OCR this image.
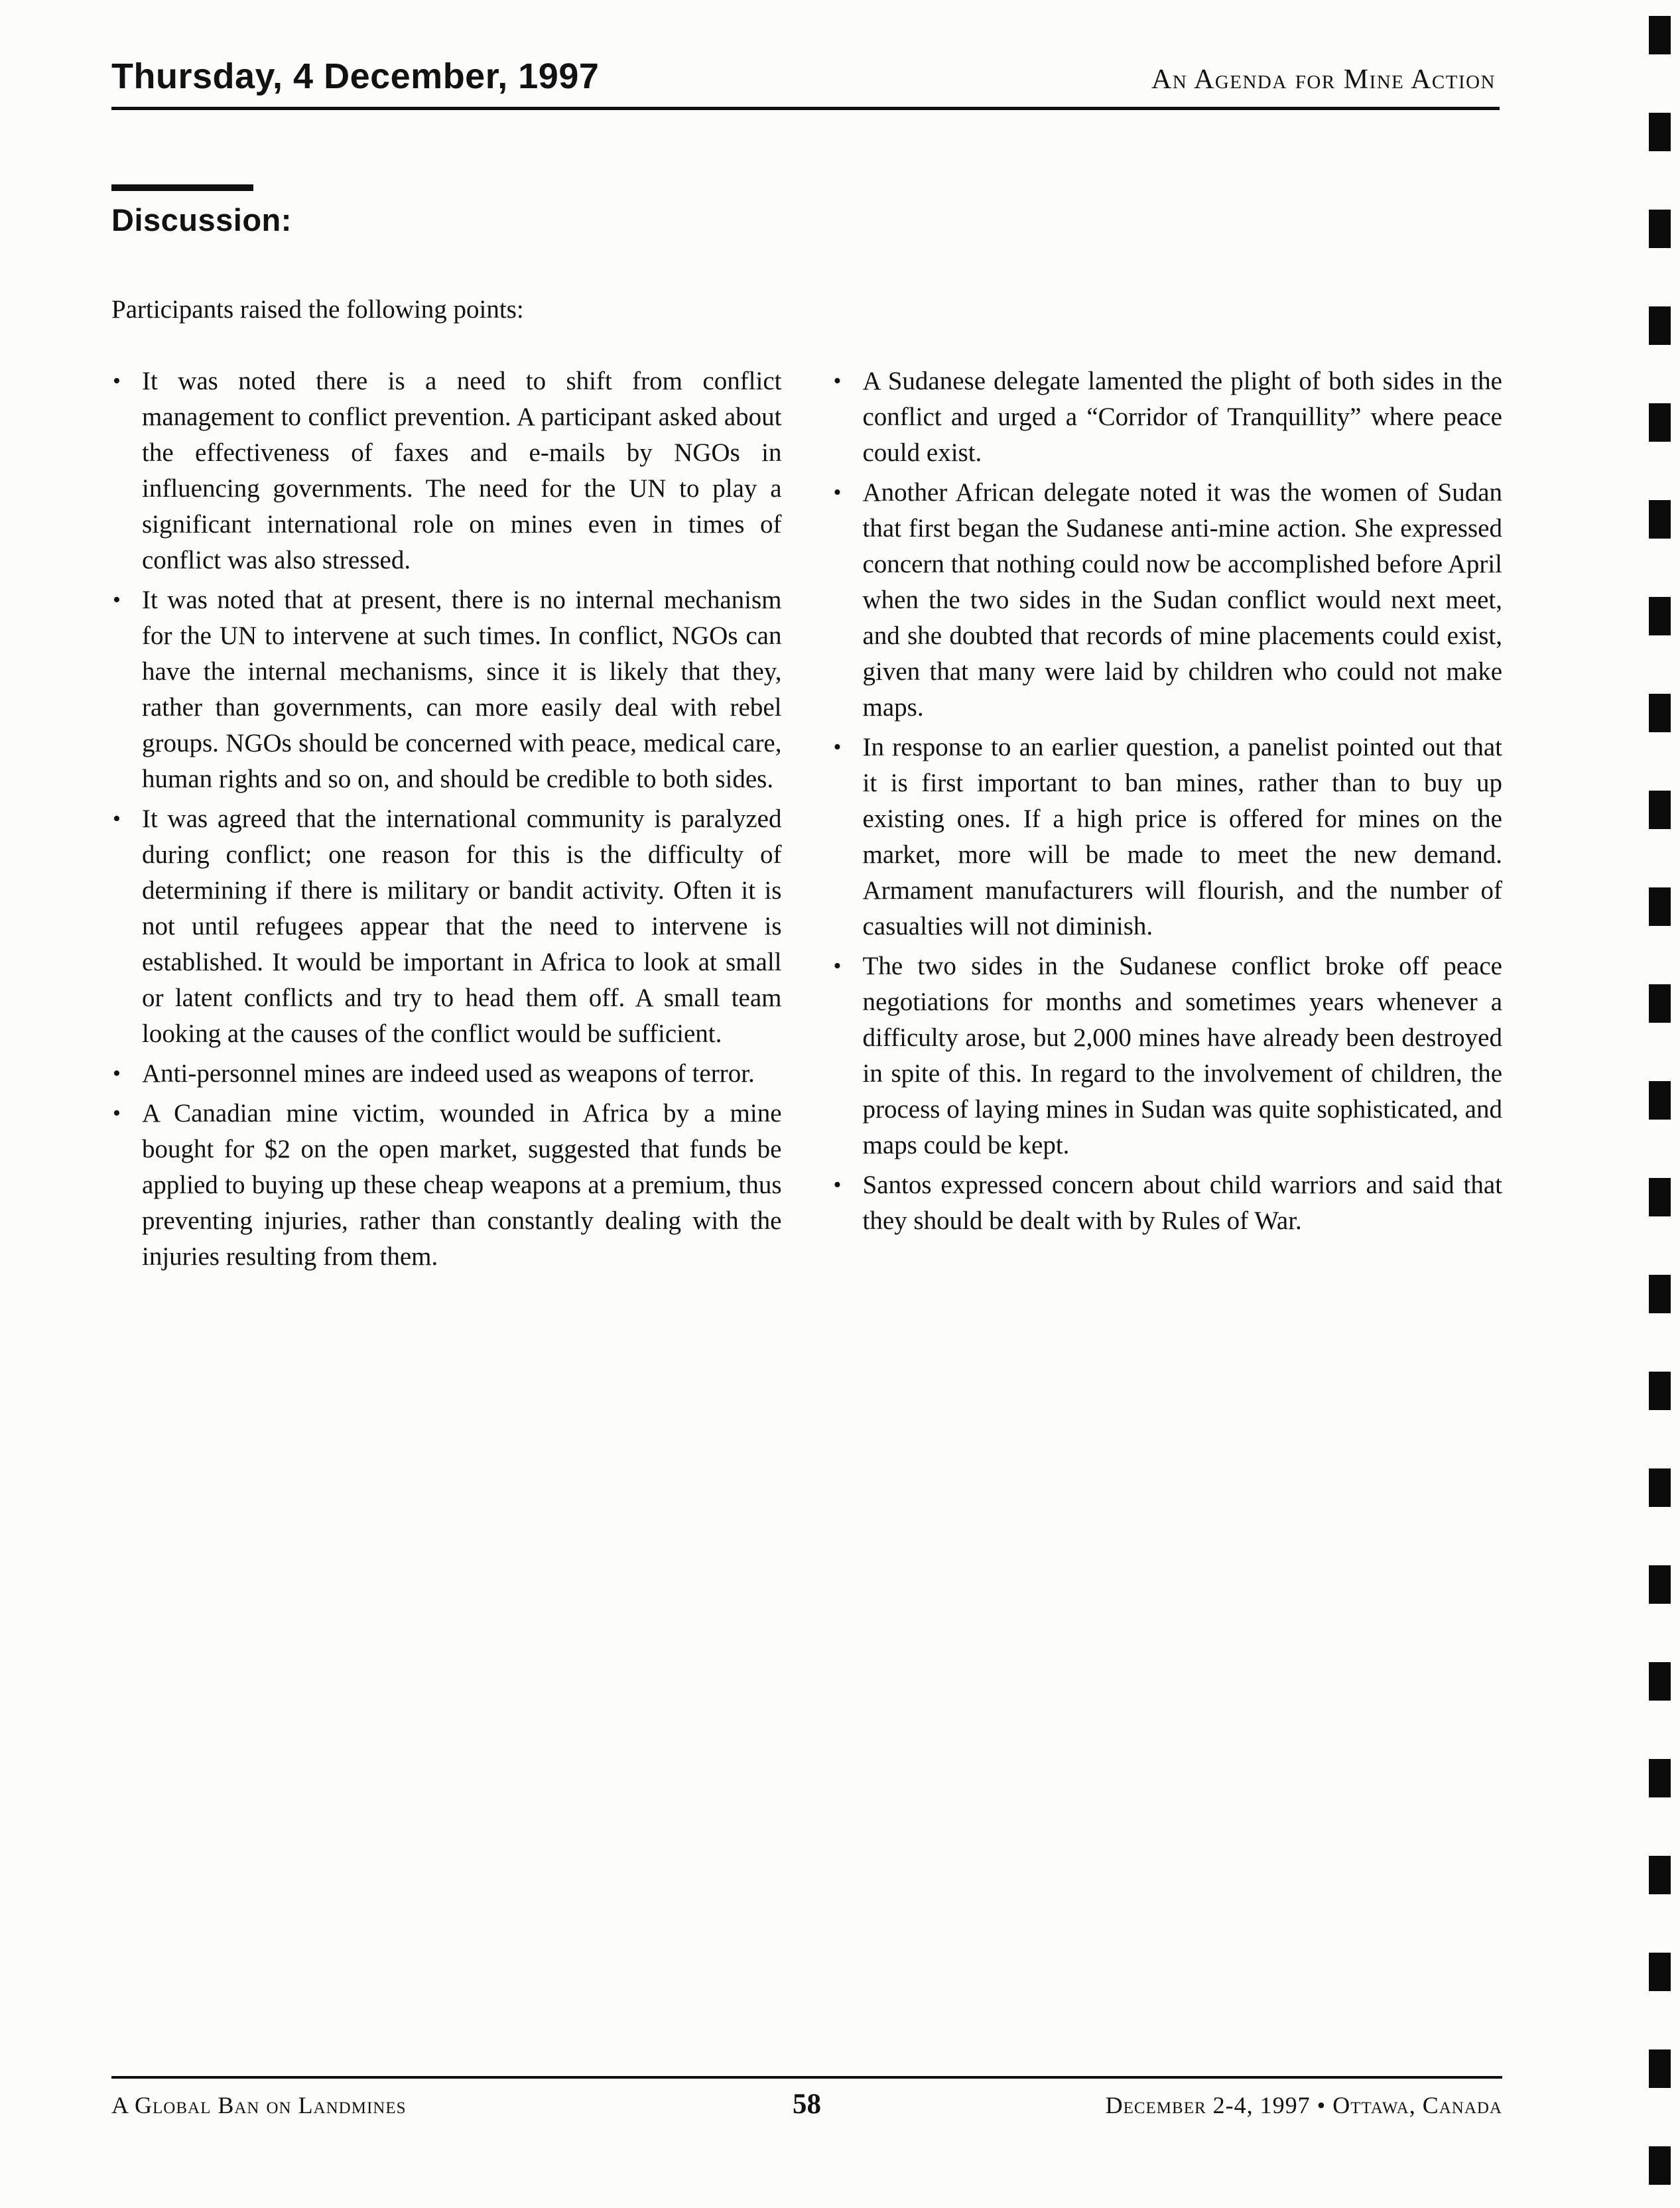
Thursday, 4 December, 1997	An Agenda for Mine Action
Discussion:

Participants raised the following points:

• It was noted there is a need to shift from conflict management to conflict prevention. A participant asked about the effectiveness of faxes and e-mails by NGOs in influencing governments. The need for the UN to play a significant international role on mines even in times of conflict was also stressed.
• It was noted that at present, there is no internal mechanism for the UN to intervene at such times. In conflict, NGOs can have the internal mechanisms, since it is likely that they, rather than governments, can more easily deal with rebel groups. NGOs should be concerned with peace, medical care, human rights and so on, and should be credible to both sides.
• It was agreed that the international community is paralyzed during conflict; one reason for this is the difficulty of determining if there is military or bandit activity. Often it is not until refugees appear that the need to intervene is established. It would be important in Africa to look at small or latent conflicts and try to head them off. A small team looking at the causes of the conflict would be sufficient.
• Anti-personnel mines are indeed used as weapons of terror.
• A Canadian mine victim, wounded in Africa by a mine bought for $2 on the open market, suggested that funds be applied to buying up these cheap weapons at a premium, thus preventing injuries, rather than constantly dealing with the injuries resulting from them.
• A Sudanese delegate lamented the plight of both sides in the conflict and urged a “Corridor of Tranquillity” where peace could exist.
• Another African delegate noted it was the women of Sudan that first began the Sudanese anti-mine action. She expressed concern that nothing could now be accomplished before April when the two sides in the Sudan conflict would next meet, and she doubted that records of mine placements could exist, given that many were laid by children who could not make maps.
• In response to an earlier question, a panelist pointed out that it is first important to ban mines, rather than to buy up existing ones. If a high price is offered for mines on the market, more will be made to meet the new demand. Armament manufacturers will flourish, and the number of casualties will not diminish.
• The two sides in the Sudanese conflict broke off peace negotiations for months and sometimes years whenever a difficulty arose, but 2,000 mines have already been destroyed in spite of this. In regard to the involvement of children, the process of laying mines in Sudan was quite sophisticated, and maps could be kept.
• Santos expressed concern about child warriors and said that they should be dealt with by Rules of War.
A Global Ban on Landmines	58	December 2-4, 1997 • Ottawa, Canada
